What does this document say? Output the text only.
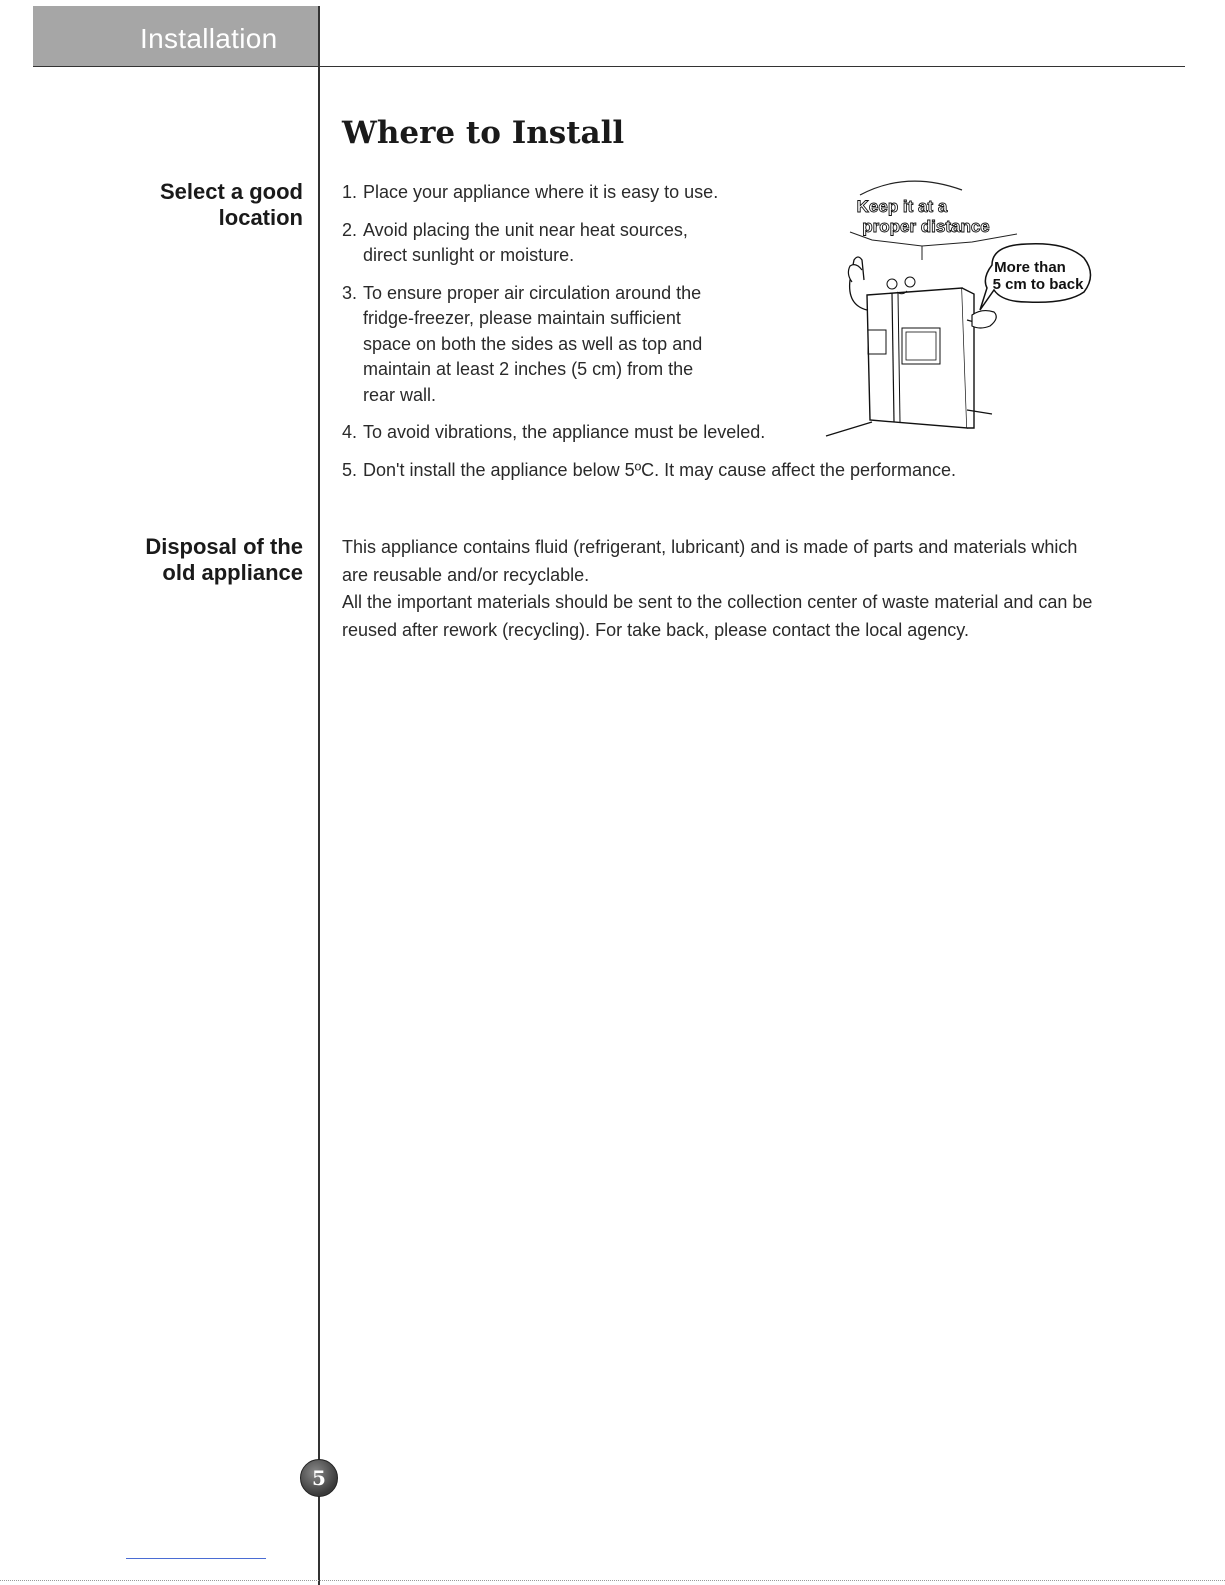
Installation
Select a good
location
Disposal of the
old appliance
Where to Install
1. Place your appliance where it is easy to use.
2. Avoid placing the unit near heat sources, direct sunlight or moisture.
3. To ensure proper air circulation around the fridge-freezer, please maintain sufficient space on both the sides as well as top and maintain at least 2 inches (5 cm) from the rear wall.
4. To avoid vibrations, the appliance must be leveled.
5. Don't install the appliance below 5ºC. It may cause affect the performance.

This appliance contains fluid (refrigerant, lubricant) and is made of parts and materials which are reusable and/or recyclable.

All the important materials should be sent to the collection center of waste material and can be reused after rework (recycling). For take back, please contact the local agency.

Keep it at a
proper distance
More than
5 cm to back
5
